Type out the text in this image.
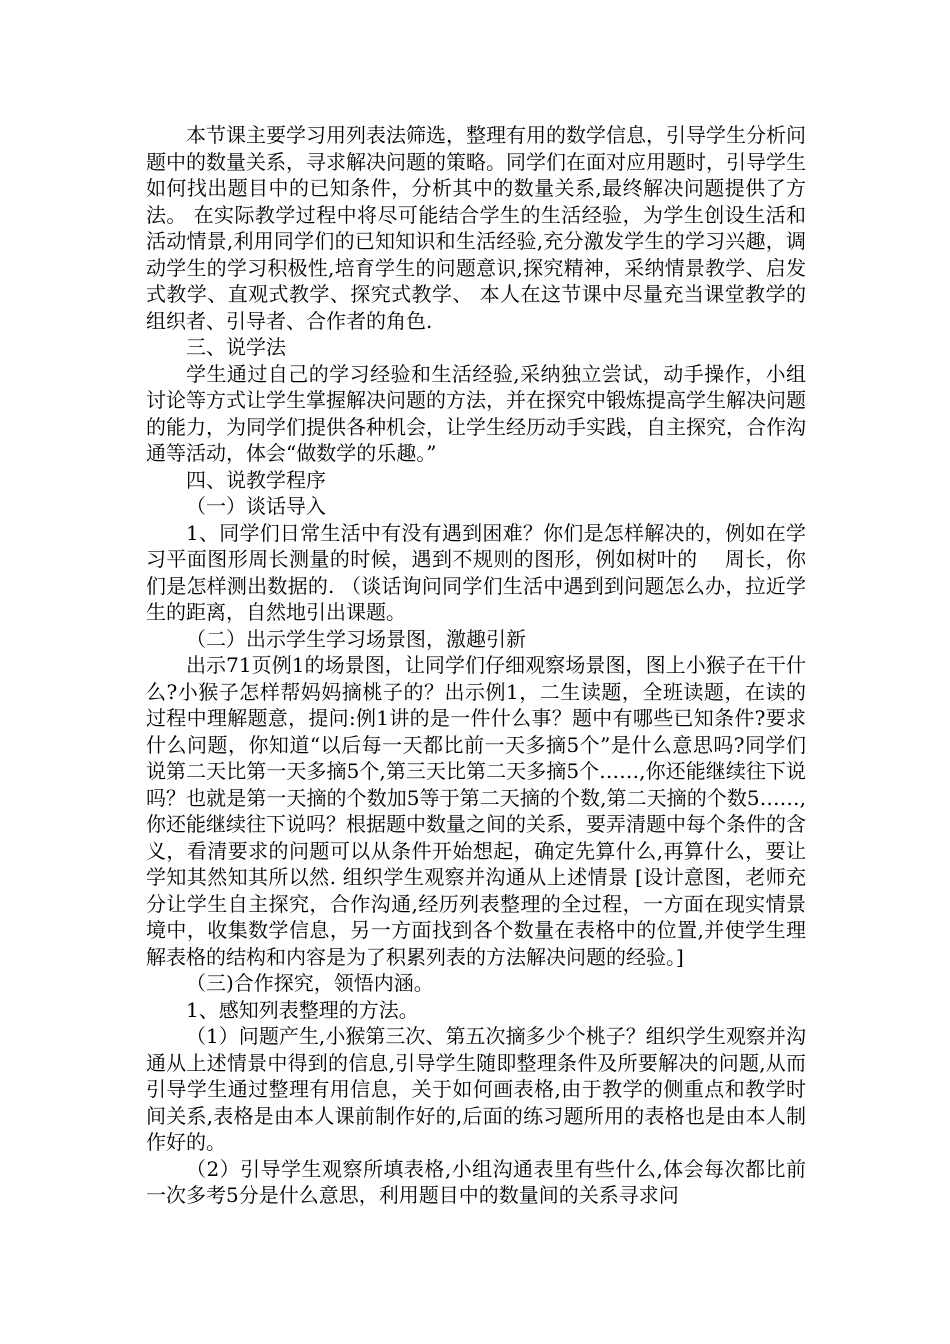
本节课主要学习用列表法筛选，整理有用的数学信息，引导学生分析问题中的数量关系，寻求解决问题的策略。同学们在面对应用题时，引导学生如何找出题目中的已知条件，分析其中的数量关系,最终解决问题提供了方法。 在实际教学过程中将尽可能结合学生的生活经验，为学生创设生活和活动情景,利用同学们的已知知识和生活经验,充分激发学生的学习兴趣，调动学生的学习积极性,培育学生的问题意识,探究精神，采纳情景教学、启发式教学、直观式教学、探究式教学、 本人在这节课中尽量充当课堂教学的组织者、引导者、合作者的角色.

三、说学法

学生通过自己的学习经验和生活经验,采纳独立尝试，动手操作，小组讨论等方式让学生掌握解决问题的方法，并在探究中锻炼提高学生解决问题的能力，为同学们提供各种机会，让学生经历动手实践，自主探究，合作沟通等活动，体会“做数学的乐趣。”

四、说教学程序

（一）谈话导入

1、同学们日常生活中有没有遇到困难？你们是怎样解决的，例如在学习平面图形周长测量的时候，遇到不规则的图形，例如树叶的　 周长，你们是怎样测出数据的. （谈话询问同学们生活中遇到到问题怎么办，拉近学生的距离，自然地引出课题。

（二）出示学生学习场景图，激趣引新

出示71页例1的场景图，让同学们仔细观察场景图，图上小猴子在干什么?小猴子怎样帮妈妈摘桃子的？出示例1，二生读题，全班读题，在读的过程中理解题意，提问:例1讲的是一件什么事？题中有哪些已知条件?要求什么问题，你知道“以后每一天都比前一天多摘5个”是什么意思吗?同学们说第二天比第一天多摘5个,第三天比第二天多摘5个……,你还能继续往下说吗？也就是第一天摘的个数加5等于第二天摘的个数,第二天摘的个数5……,你还能继续往下说吗？根据题中数量之间的关系，要弄清题中每个条件的含义，看清要求的问题可以从条件开始想起，确定先算什么,再算什么，要让学知其然知其所以然. 组织学生观察并沟通从上述情景 [设计意图，老师充分让学生自主探究，合作沟通,经历列表整理的全过程，一方面在现实情景境中，收集数学信息，另一方面找到各个数量在表格中的位置,并使学生理解表格的结构和内容是为了积累列表的方法解决问题的经验。]

（三)合作探究，领悟内涵。

1、感知列表整理的方法。

（1）问题产生,小猴第三次、第五次摘多少个桃子？组织学生观察并沟通从上述情景中得到的信息,引导学生随即整理条件及所要解决的问题,从而引导学生通过整理有用信息，关于如何画表格,由于教学的侧重点和教学时间关系,表格是由本人课前制作好的,后面的练习题所用的表格也是由本人制作好的。

（2）引导学生观察所填表格,小组沟通表里有些什么,体会每次都比前一次多考5分是什么意思，利用题目中的数量间的关系寻求问
